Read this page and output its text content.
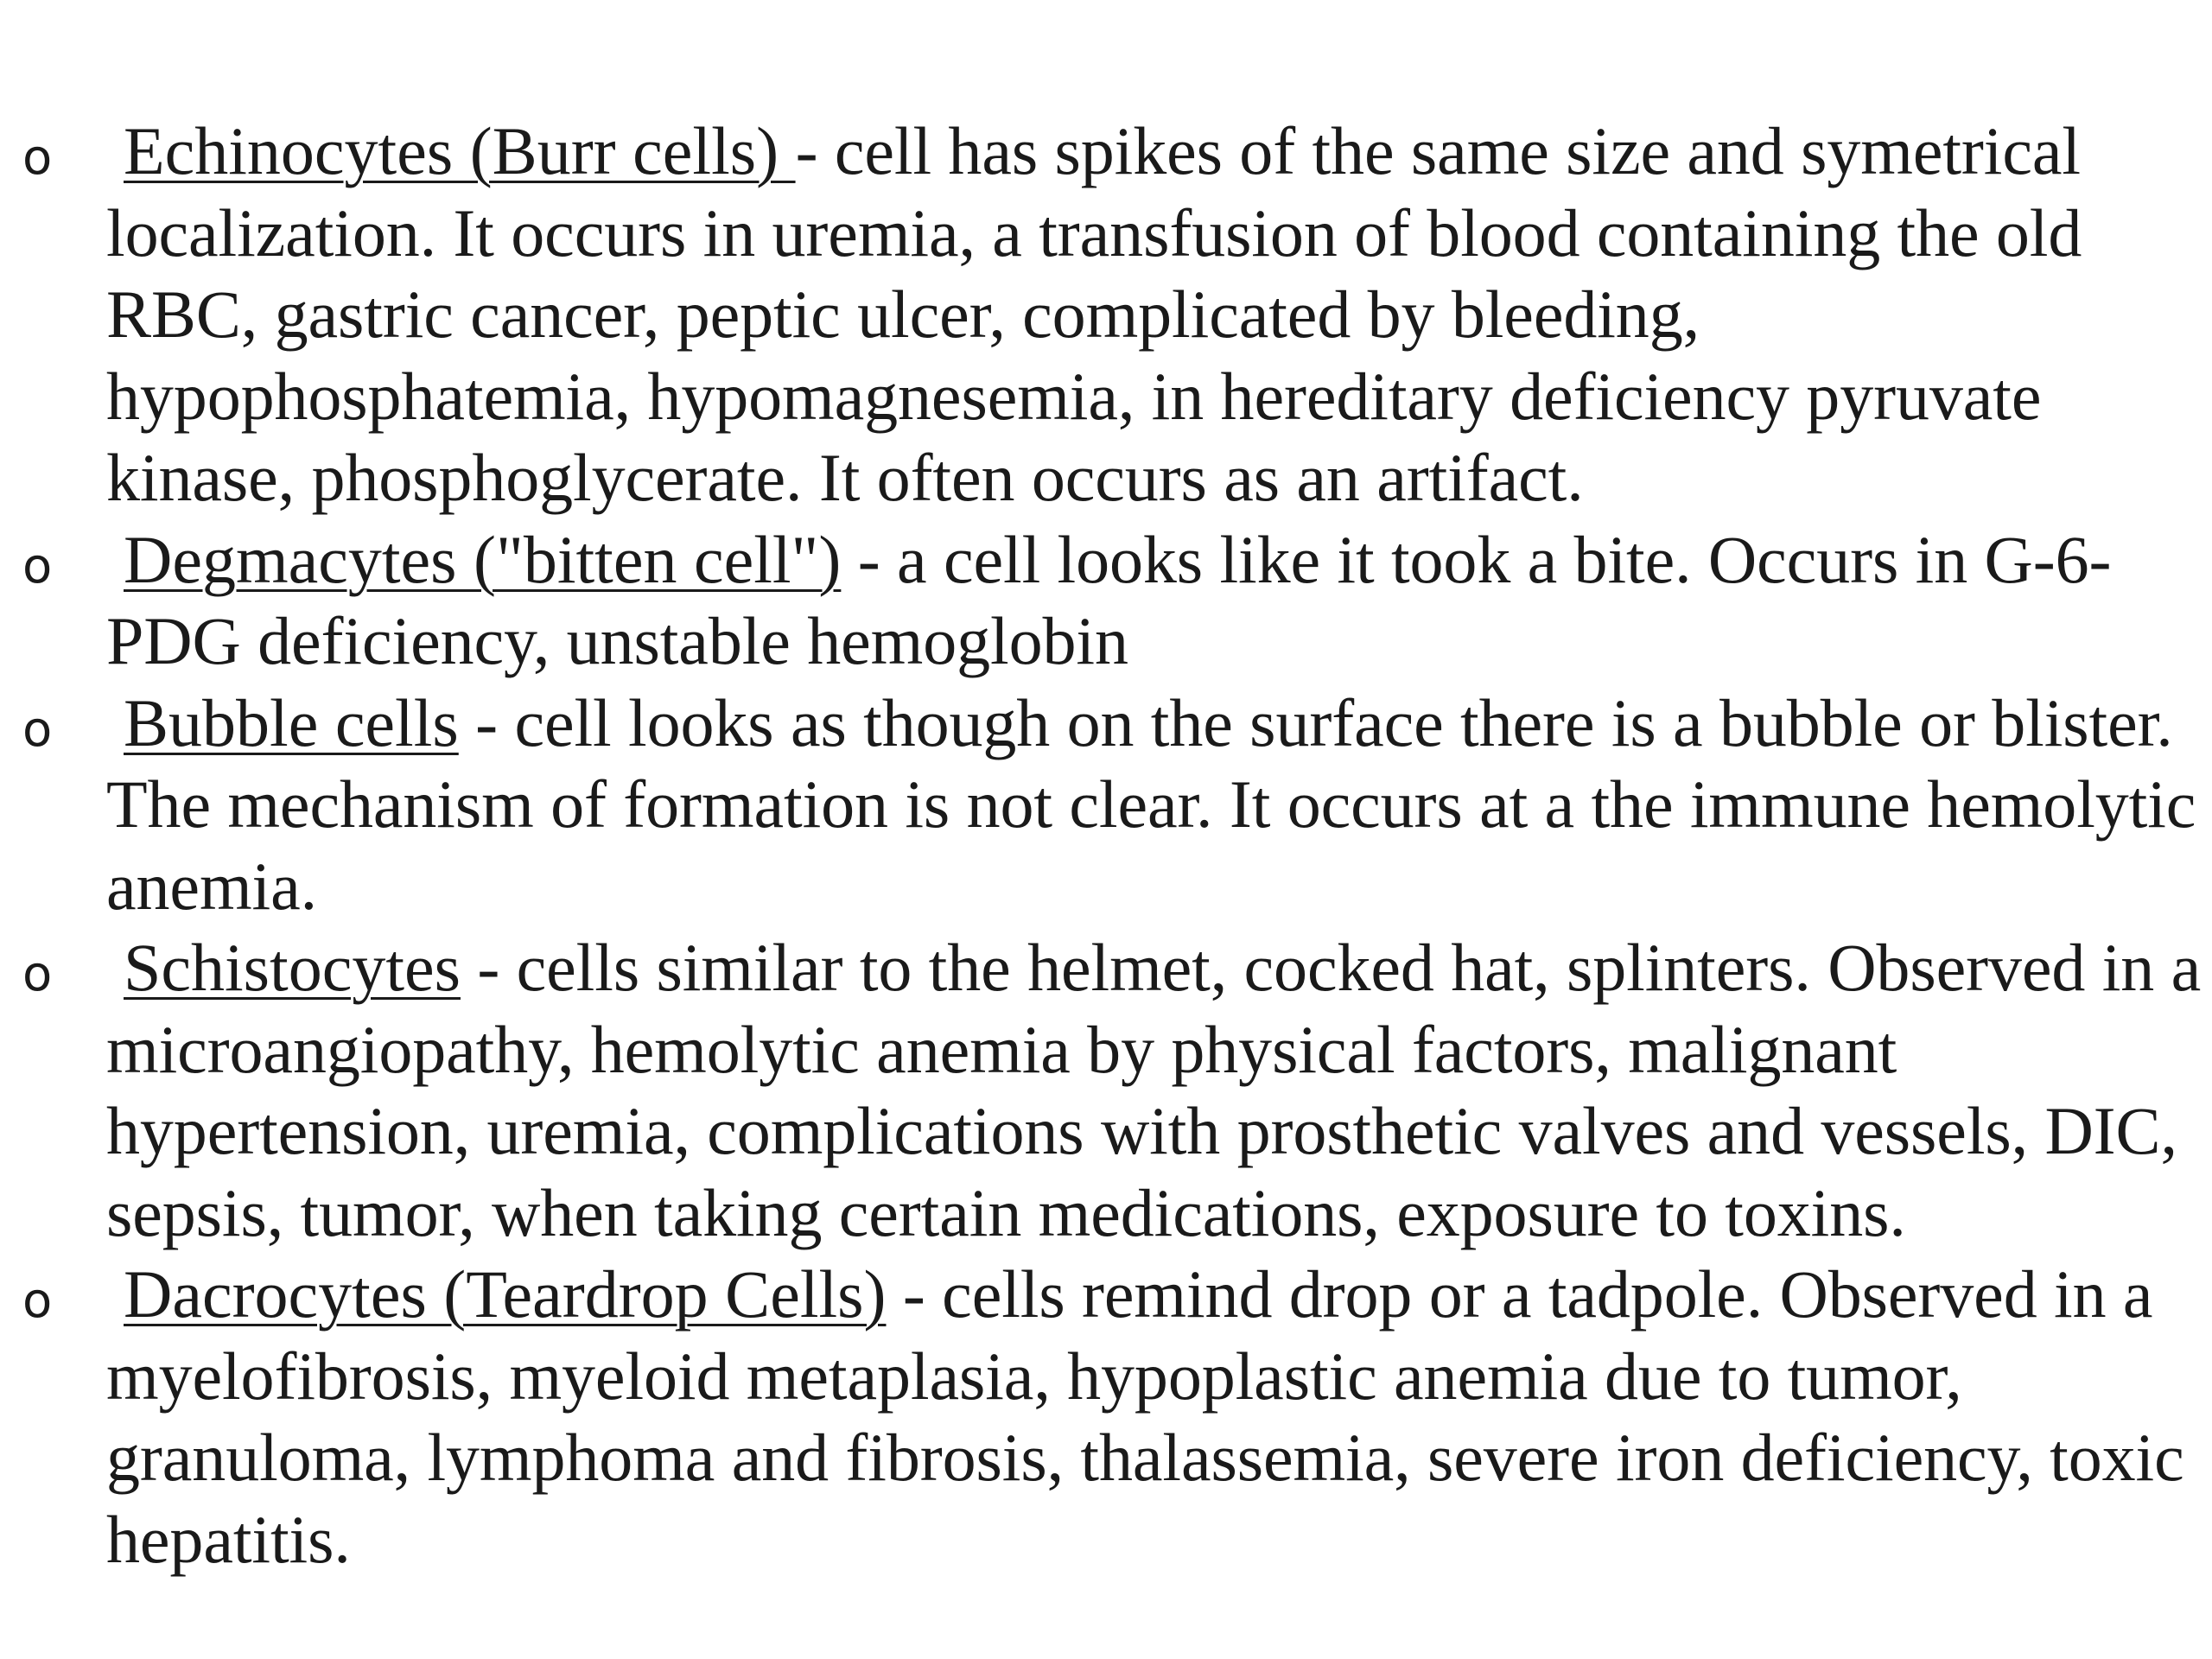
o Echinocytes (Burr cells) - cell has spikes of the same size and symetrical localization. It occurs in uremia, a transfusion of blood containing the old RBC, gastric cancer, peptic ulcer, complicated by bleeding, hypophosphatemia, hypomagnesemia, in hereditary deficiency pyruvate kinase, phosphoglycerate. It often occurs as an artifact.

o Degmacytes ("bitten cell") - a cell looks like it took a bite. Occurs in G-6-PDG deficiency, unstable hemoglobin

o Bubble cells - cell looks as though on the surface there is a bubble or blister. The mechanism of formation is not clear. It occurs at a the immune hemolytic anemia.

o Schistocytes - cells similar to the helmet, cocked hat, splinters. Observed in a microangiopathy, hemolytic anemia by physical factors, malignant hypertension, uremia, complications with prosthetic valves and vessels, DIC, sepsis, tumor, when taking certain medications, exposure to toxins.

o Dacrocytes (Teardrop Cells) - cells remind drop or a tadpole. Observed in a myelofibrosis, myeloid metaplasia, hypoplastic anemia due to tumor, granuloma, lymphoma and fibrosis, thalassemia, severe iron deficiency, toxic hepatitis.
